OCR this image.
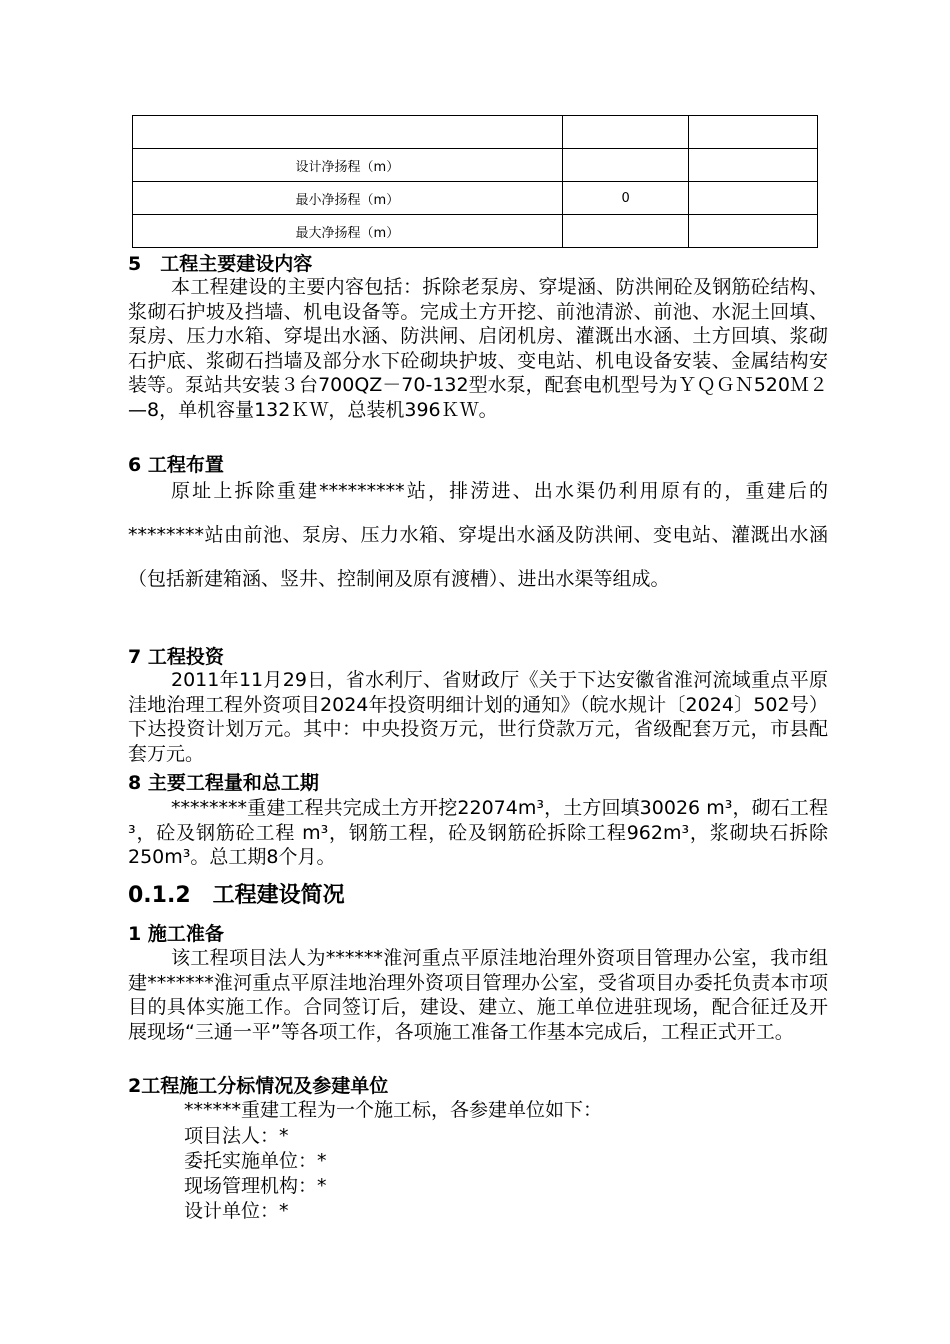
设计净扬程（m）		
最小净扬程（m）	0	
最大净扬程（m）		
5　工程主要建设内容
本工程建设的主要内容包括：拆除老泵房、穿堤涵、防洪闸砼及钢筋砼结构、浆砌石护坡及挡墙、机电设备等。完成土方开挖、前池清淤、前池、水泥土回填、泵房、压力水箱、穿堤出水涵、防洪闸、启闭机房、灌溉出水涵、土方回填、浆砌石护底、浆砌石挡墙及部分水下砼砌块护坡、变电站、机电设备安装、金属结构安装等。泵站共安装３台700QZ－70-132型水泵，配套电机型号为ＹＱＧＮ520Ｍ２—8，单机容量132ＫＷ，总装机396ＫＷ。
6 工程布置
原址上拆除重建*********站，排涝进、出水渠仍利用原有的，重建后的********站由前池、泵房、压力水箱、穿堤出水涵及防洪闸、变电站、灌溉出水涵（包括新建箱涵、竖井、控制闸及原有渡槽）、进出水渠等组成。
7 工程投资
2011年11月29日，省水利厅、省财政厅《关于下达安徽省淮河流域重点平原洼地治理工程外资项目2024年投资明细计划的通知》（皖水规计〔2024〕502号）下达投资计划万元。其中：中央投资万元，世行贷款万元，省级配套万元，市县配套万元。
8 主要工程量和总工期
********重建工程共完成土方开挖22074m³，土方回填30026 m³，砌石工程³，砼及钢筋砼工程 m³，钢筋工程，砼及钢筋砼拆除工程962m³，浆砌块石拆除250m³。总工期8个月。
0.1.2　工程建设简况
1 施工准备
该工程项目法人为******淮河重点平原洼地治理外资项目管理办公室，我市组建*******淮河重点平原洼地治理外资项目管理办公室，受省项目办委托负责本市项目的具体实施工作。合同签订后，建设、建立、施工单位进驻现场，配合征迁及开展现场“三通一平”等各项工作，各项施工准备工作基本完成后，工程正式开工。
2工程施工分标情况及参建单位
******重建工程为一个施工标，各参建单位如下：
项目法人：*
委托实施单位：*
现场管理机构：*
设计单位：*
